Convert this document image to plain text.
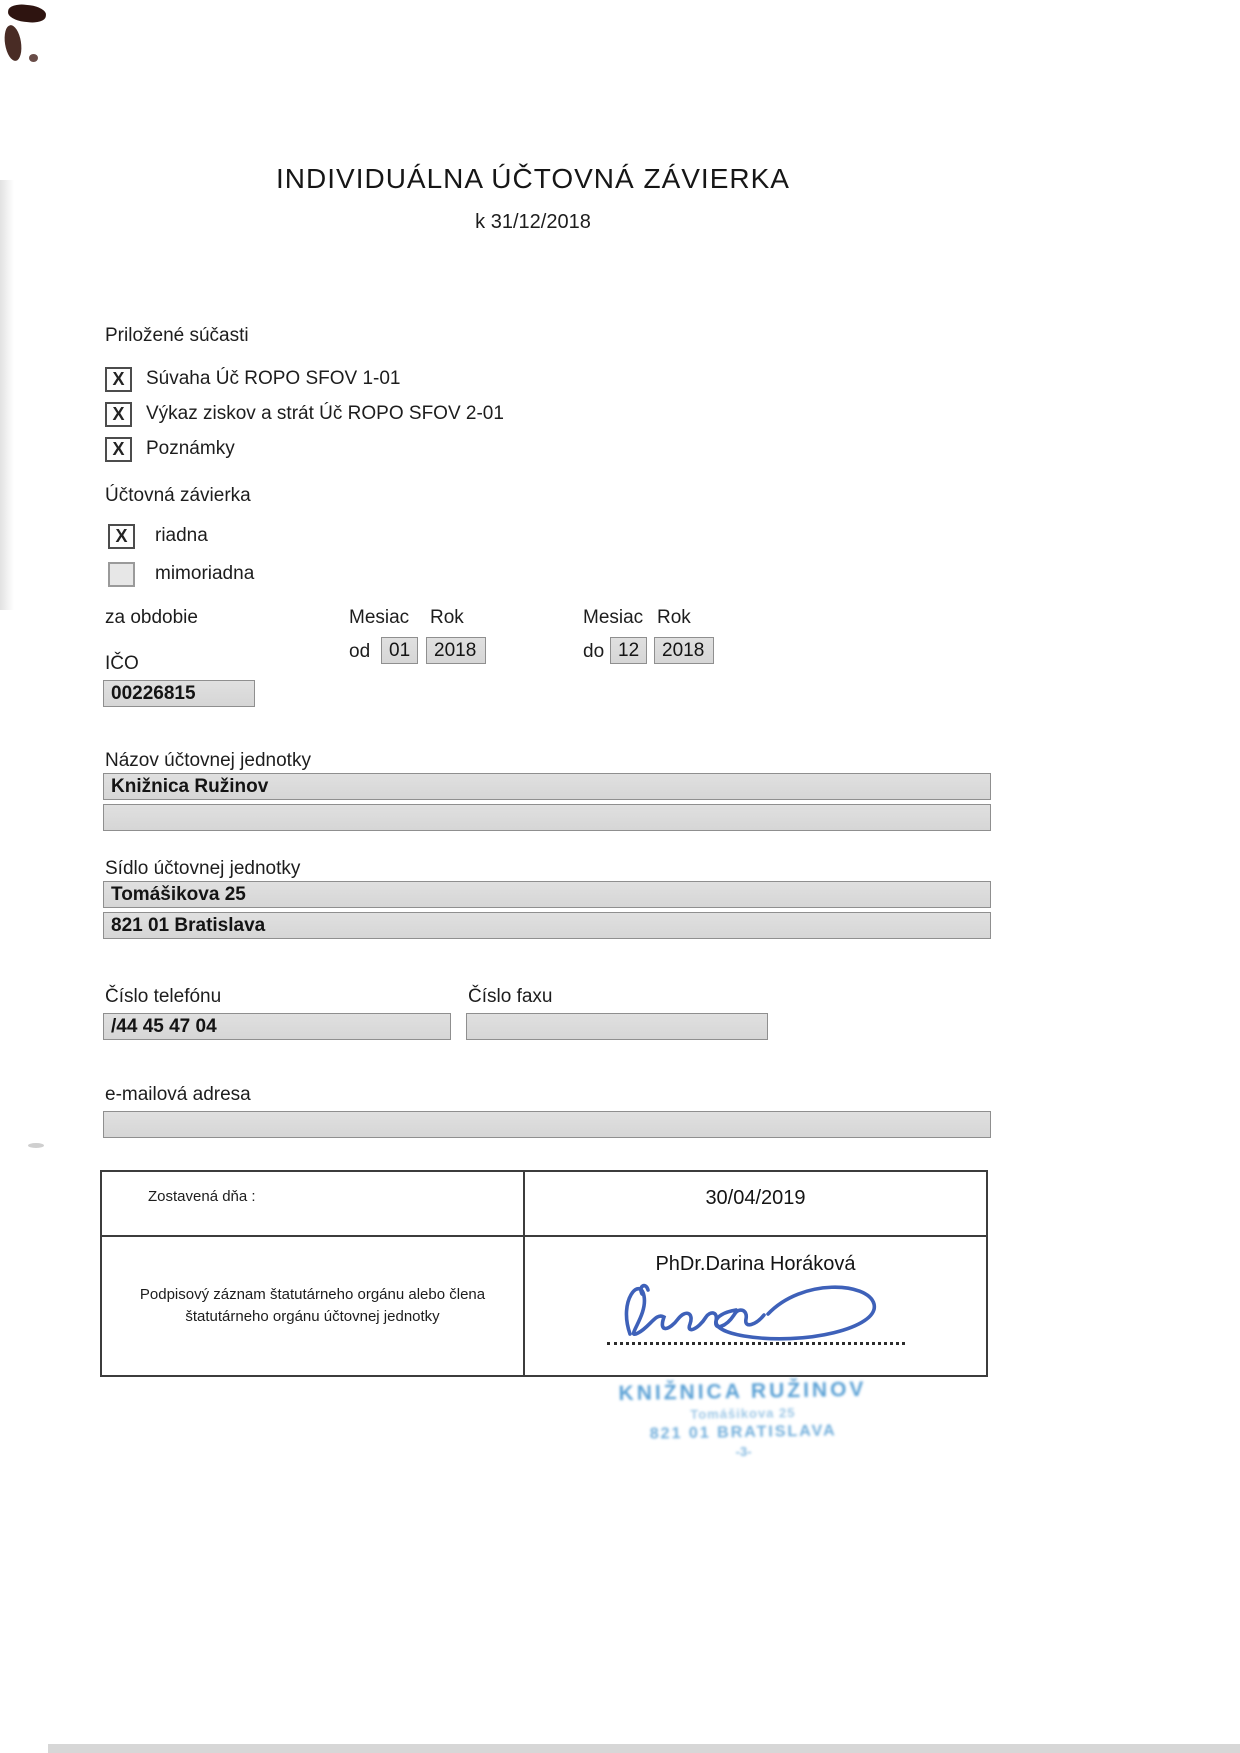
INDIVIDUÁLNA ÚČTOVNÁ ZÁVIERKA
k 31/12/2018
Priložené súčasti
X	Súvaha Úč ROPO SFOV 1-01
X	Výkaz ziskov a strát Úč ROPO SFOV 2-01
X	Poznámky
Účtovná závierka
X	riadna
mimoriadna
za obdobie	Mesiac Rok	Mesiac Rok
od 01	2018	do 12	2018
IČO
00226815
Názov účtovnej jednotky
Knižnica Ružinov
Sídlo účtovnej jednotky
Tomášikova 25
821 01 Bratislava
Číslo telefónu	Číslo faxu
/44 45 47 04
e-mailová adresa
Zostavená dňa :	30/04/2019
Podpisový záznam štatutárneho orgánu alebo člena štatutárneho orgánu účtovnej jednotky
PhDr.Darina Horáková
KNIŽNICA RUŽINOV
Tomášikova 25
821 01 BRATISLAVA
-3-
